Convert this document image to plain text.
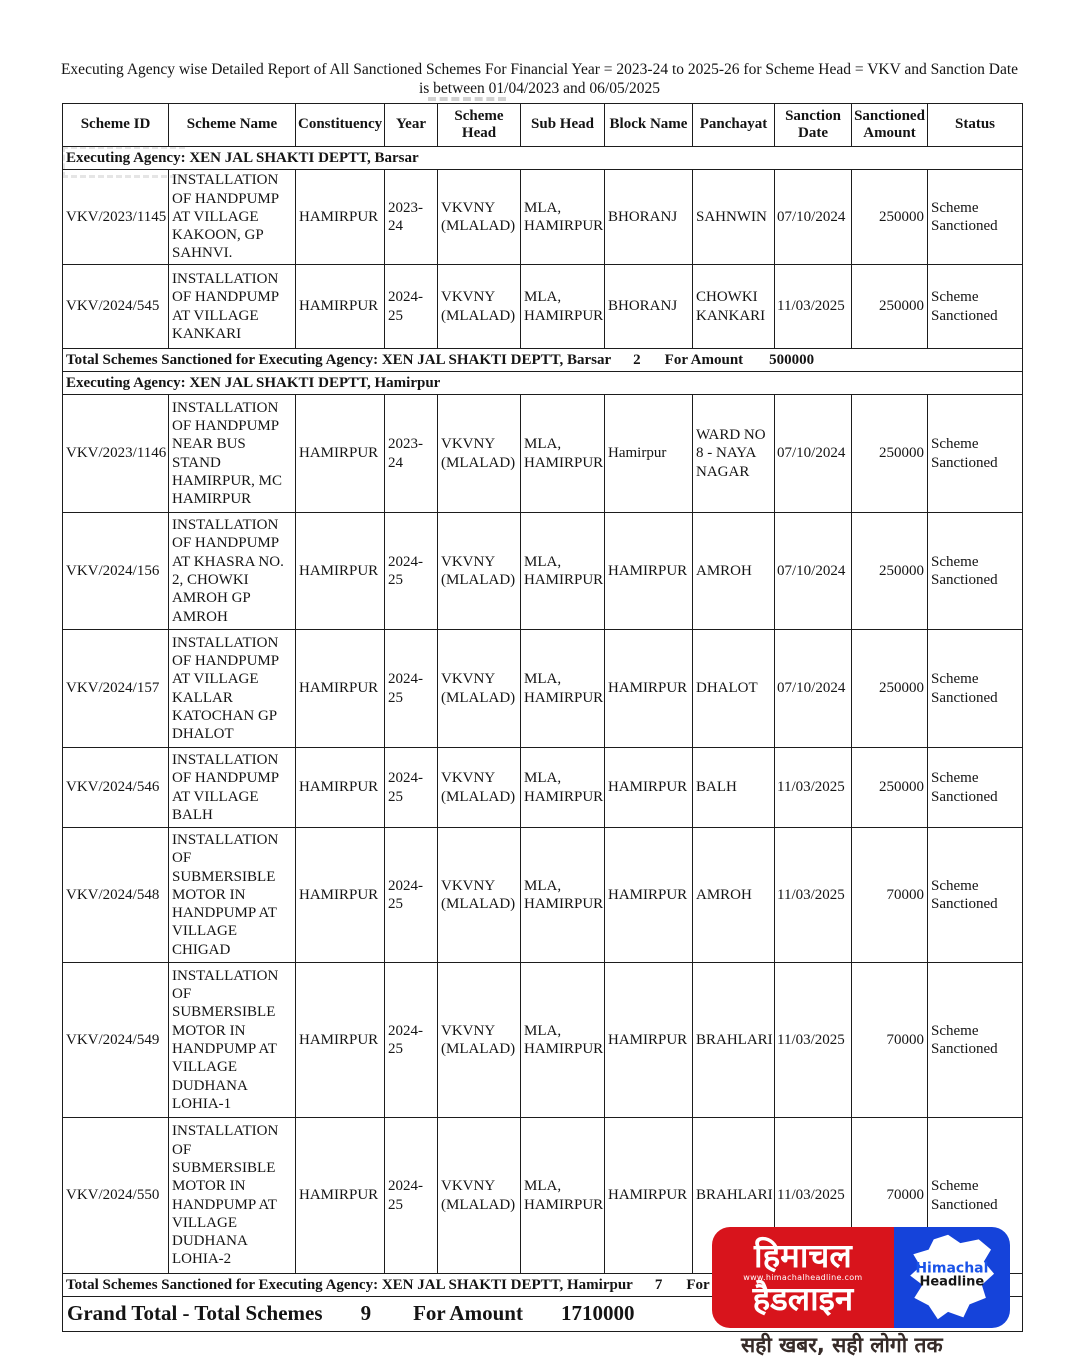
Executing Agency wise Detailed Report of All Sanctioned Schemes For Financial Year = 2023-24 to 2025-26 for Scheme Head = VKV and Sanction Date
is between 01/04/2023 and 06/05/2025
Scheme ID	Scheme Name	Constituency	Year	Scheme Head	Sub Head	Block Name	Panchayat	Sanction Date	Sanctioned Amount	Status
Executing Agency: XEN JAL SHAKTI DEPTT, Barsar										
VKV/2023/1145	INSTALLATION OF HANDPUMP AT VILLAGE KAKOON, GP SAHNVI.	HAMIRPUR	2023-24	VKVNY (MLALAD)	MLA, HAMIRPUR	BHORANJ	SAHNWIN	07/10/2024	250000	Scheme Sanctioned
VKV/2024/545	INSTALLATION OF HANDPUMP AT VILLAGE KANKARI	HAMIRPUR	2024-25	VKVNY (MLALAD)	MLA, HAMIRPUR	BHORANJ	CHOWKI KANKARI	11/03/2025	250000	Scheme Sanctioned
Total Schemes Sanctioned for Executing Agency: XEN JAL SHAKTI DEPTT, Barsar 2 For Amount 500000										
Executing Agency: XEN JAL SHAKTI DEPTT, Hamirpur										
VKV/2023/1146	INSTALLATION OF HANDPUMP NEAR BUS STAND HAMIRPUR, MC HAMIRPUR	HAMIRPUR	2023-24	VKVNY (MLALAD)	MLA, HAMIRPUR	Hamirpur	WARD NO 8 - NAYA NAGAR	07/10/2024	250000	Scheme Sanctioned
VKV/2024/156	INSTALLATION OF HANDPUMP AT KHASRA NO. 2, CHOWKI AMROH GP AMROH	HAMIRPUR	2024-25	VKVNY (MLALAD)	MLA, HAMIRPUR	HAMIRPUR	AMROH	07/10/2024	250000	Scheme Sanctioned
VKV/2024/157	INSTALLATION OF HANDPUMP AT VILLAGE KALLAR KATOCHAN GP DHALOT	HAMIRPUR	2024-25	VKVNY (MLALAD)	MLA, HAMIRPUR	HAMIRPUR	DHALOT	07/10/2024	250000	Scheme Sanctioned
VKV/2024/546	INSTALLATION OF HANDPUMP AT VILLAGE BALH	HAMIRPUR	2024-25	VKVNY (MLALAD)	MLA, HAMIRPUR	HAMIRPUR	BALH	11/03/2025	250000	Scheme Sanctioned
VKV/2024/548	INSTALLATION OF SUBMERSIBLE MOTOR IN HANDPUMP AT VILLAGE CHIGAD	HAMIRPUR	2024-25	VKVNY (MLALAD)	MLA, HAMIRPUR	HAMIRPUR	AMROH	11/03/2025	70000	Scheme Sanctioned
VKV/2024/549	INSTALLATION OF SUBMERSIBLE MOTOR IN HANDPUMP AT VILLAGE DUDHANA LOHIA-1	HAMIRPUR	2024-25	VKVNY (MLALAD)	MLA, HAMIRPUR	HAMIRPUR	BRAHLARI	11/03/2025	70000	Scheme Sanctioned
VKV/2024/550	INSTALLATION OF SUBMERSIBLE MOTOR IN HANDPUMP AT VILLAGE DUDHANA LOHIA-2	HAMIRPUR	2024-25	VKVNY (MLALAD)	MLA, HAMIRPUR	HAMIRPUR	BRAHLARI	11/03/2025	70000	Scheme Sanctioned
Total Schemes Sanctioned for Executing Agency: XEN JAL SHAKTI DEPTT, Hamirpur 7 For										
Grand Total - Total Schemes 9 For Amount 1710000										
हिमाचल
www.himachalheadline.com
हैडलाइन
Himachal
Headline
सही खबर, सही लोगो तक
